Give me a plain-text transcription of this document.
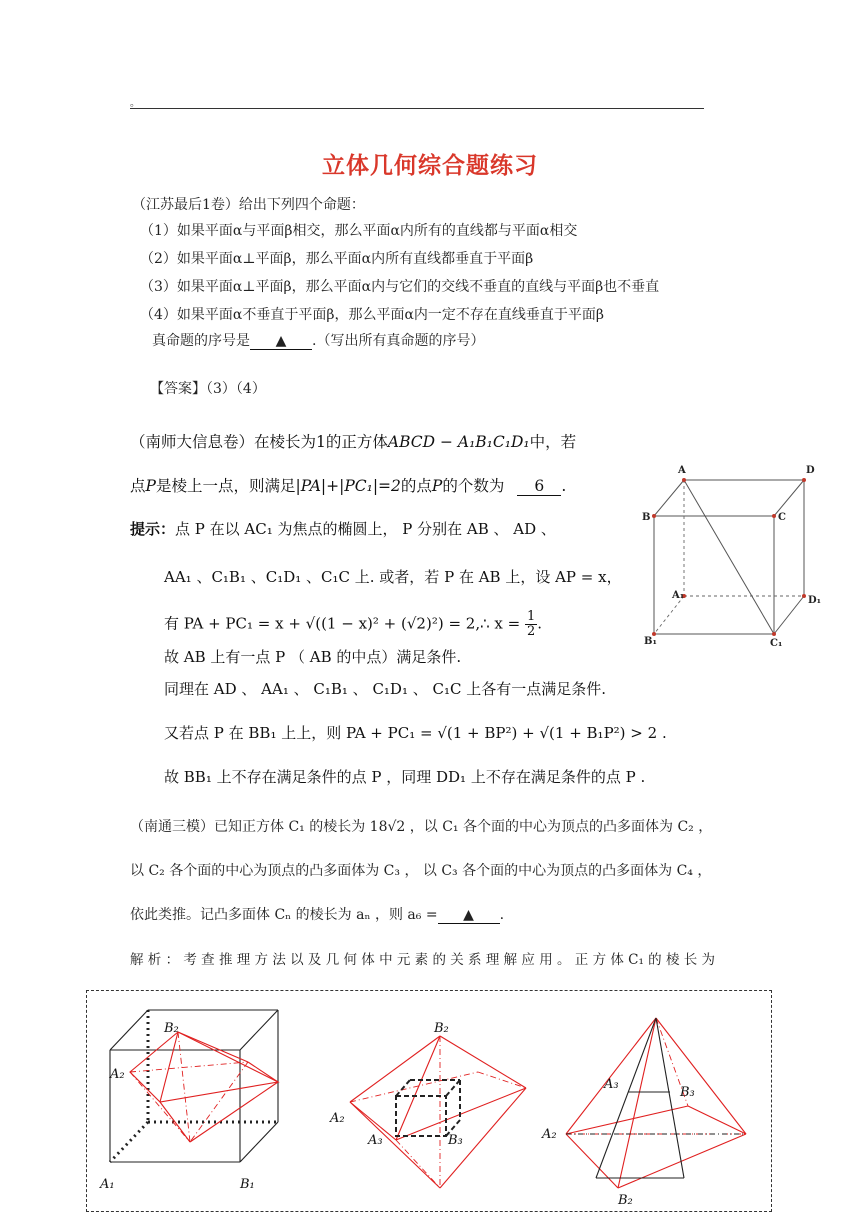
。
立体几何综合题练习
（江苏最后1卷）给出下列四个命题：
（1）如果平面α与平面β相交，那么平面α内所有的直线都与平面α相交
（2）如果平面α⊥平面β，那么平面α内所有直线都垂直于平面β
（3）如果平面α⊥平面β，那么平面α内与它们的交线不垂直的直线与平面β也不垂直
（4）如果平面α不垂直于平面β，那么平面α内一定不存在直线垂直于平面β
真命题的序号是 ▲ .（写出所有真命题的序号）
【答案】（3）（4）
（南师大信息卷）在棱长为1的正方体ABCD − A₁B₁C₁D₁中，若
点P是棱上一点，则满足|PA|+|PC₁|=2的点P的个数为 6 .
提示：点 P 在以 AC₁ 为焦点的椭圆上， P 分别在 AB 、 AD 、
AA₁ 、C₁B₁ 、C₁D₁ 、C₁C 上. 或者，若 P 在 AB 上，设 AP = x，
有 PA + PC₁ = x + √((1 − x)² + (√2)²) = 2,∴ $x = \frac{1}{2}$ .
故 AB 上有一点 P （ AB 的中点）满足条件.
同理在 AD 、 AA₁ 、 C₁B₁ 、 C₁D₁ 、 C₁C 上各有一点满足条件.
又若点 P 在 BB₁ 上上，则 PA + PC₁ = √(1 + BP²) + √(1 + B₁P²) > 2 .
故 BB₁ 上不存在满足条件的点 P ，同理 DD₁ 上不存在满足条件的点 P .
A	D
B	C
A₁	D₁
B₁	C₁
（南通三模）已知正方体 C₁ 的棱长为 18√2 ，以 C₁ 各个面的中心为顶点的凸多面体为 C₂ ，
以 C₂ 各个面的中心为顶点的凸多面体为 C₃ ， 以 C₃ 各个面的中心为顶点的凸多面体为 C₄ ，
依此类推。记凸多面体 Cₙ 的棱长为 aₙ ，则 a₆ = ▲ .
解 析 ： 考 查 推 理 方 法 以 及 几 何 体 中 元 素 的 关 系 理 解 应 用 。 正 方 体 C₁ 的 棱 长 为
B₂
A₂
A₁	B₁
B₂
A₂
A₃	B₃
A₃
B₃
A₂
B₂
